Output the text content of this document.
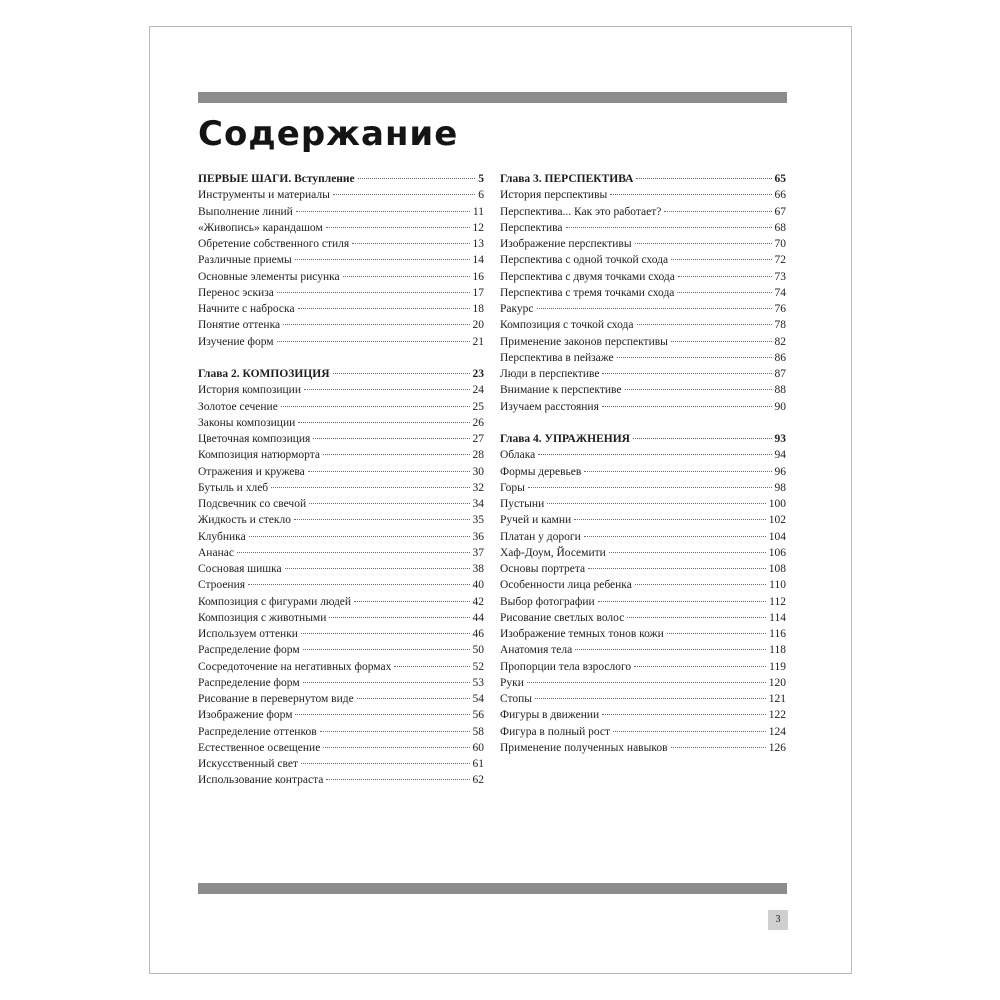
Содержание
ПЕРВЫЕ ШАГИ. Вступление	5
Инструменты и материалы	6
Выполнение линий	11
«Живопись» карандашом	12
Обретение собственного стиля	13
Различные приемы	14
Основные элементы рисунка	16
Перенос эскиза	17
Начните с наброска	18
Понятие оттенка	20
Изучение форм	21
Глава 2. КОМПОЗИЦИЯ	23
История композиции	24
Золотое сечение	25
Законы композиции	26
Цветочная композиция	27
Композиция натюрморта	28
Отражения и кружева	30
Бутыль и хлеб	32
Подсвечник со свечой	34
Жидкость и стекло	35
Клубника	36
Ананас	37
Сосновая шишка	38
Строения	40
Композиция с фигурами людей	42
Композиция с животными	44
Используем оттенки	46
Распределение форм	50
Сосредоточение на негативных формах	52
Распределение форм	53
Рисование в перевернутом виде	54
Изображение форм	56
Распределение оттенков	58
Естественное освещение	60
Искусственный свет	61
Использование контраста	62
Глава 3. ПЕРСПЕКТИВА	65
История перспективы	66
Перспектива... Как это работает?	67
Перспектива	68
Изображение перспективы	70
Перспектива с одной точкой схода	72
Перспектива с двумя точками схода	73
Перспектива с тремя точками схода	74
Ракурс	76
Композиция с точкой схода	78
Применение законов перспективы	82
Перспектива в пейзаже	86
Люди в перспективе	87
Внимание к перспективе	88
Изучаем расстояния	90
Глава 4. УПРАЖНЕНИЯ	93
Облака	94
Формы деревьев	96
Горы	98
Пустыни	100
Ручей и камни	102
Платан у дороги	104
Хаф-Доум, Йосемити	106
Основы портрета	108
Особенности лица ребенка	110
Выбор фотографии	112
Рисование светлых волос	114
Изображение темных тонов кожи	116
Анатомия тела	118
Пропорции тела взрослого	119
Руки	120
Стопы	121
Фигуры в движении	122
Фигура в полный рост	124
Применение полученных навыков	126
3
